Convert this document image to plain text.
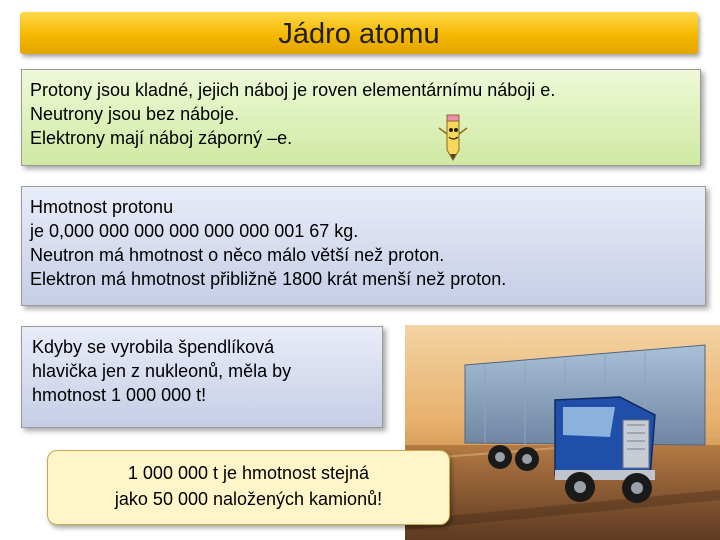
Jádro atomu
Protony jsou kladné, jejich náboj je roven elementárnímu náboji e.
Neutrony jsou bez náboje.
Elektrony mají náboj záporný –e.
Hmotnost protonu
je 0,000 000 000 000 000 000 001 67 kg.
Neutron má hmotnost o něco málo větší než proton.
Elektron má hmotnost přibližně 1800 krát menší než proton.
Kdyby se vyrobila špendlíková
hlavička jen z nukleonů, měla by
hmotnost 1 000 000 t!
1 000 000 t je hmotnost stejná
jako 50 000 naložených kamionů!
